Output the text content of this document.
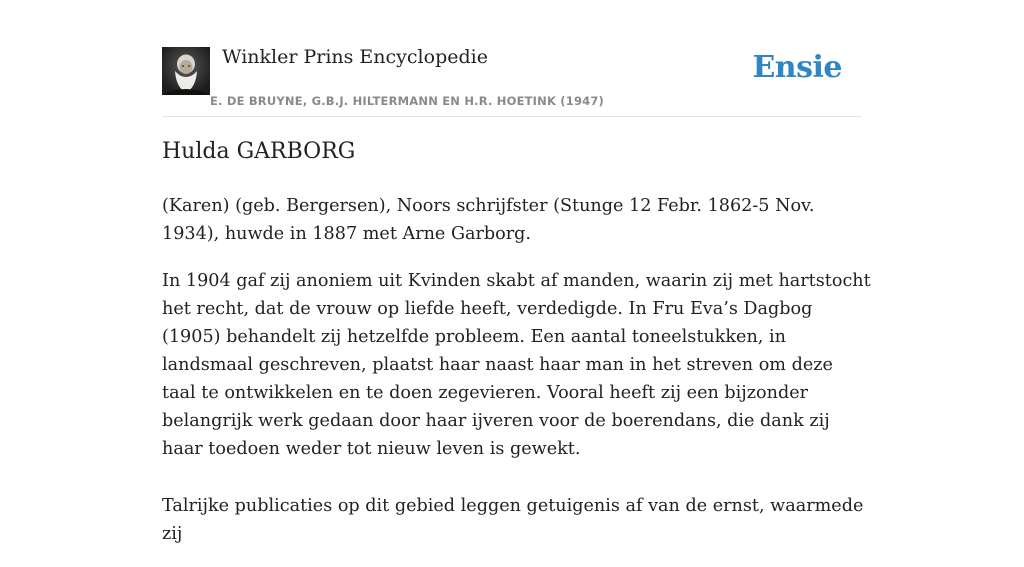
Winkler Prins Encyclopedie
E. DE BRUYNE, G.B.J. HILTERMANN EN H.R. HOETINK (1947)
Ensie
Hulda GARBORG

(Karen) (geb. Bergersen), Noors schrijfster (Stunge 12 Febr. 1862-5 Nov. 1934), huwde in 1887 met Arne Garborg.

In 1904 gaf zij anoniem uit Kvinden skabt af manden, waarin zij met hartstocht het recht, dat de vrouw op liefde heeft, verdedigde. In Fru Eva’s Dagbog (1905) behandelt zij hetzelfde probleem. Een aantal toneelstukken, in landsmaal geschreven, plaatst haar naast haar man in het streven om deze taal te ontwikkelen en te doen zegevieren. Vooral heeft zij een bijzonder belangrijk werk gedaan door haar ijveren voor de boerendans, die dank zij haar toedoen weder tot nieuw leven is gewekt.

Talrijke publicaties op dit gebied leggen getuigenis af van de ernst, waarmede zij
